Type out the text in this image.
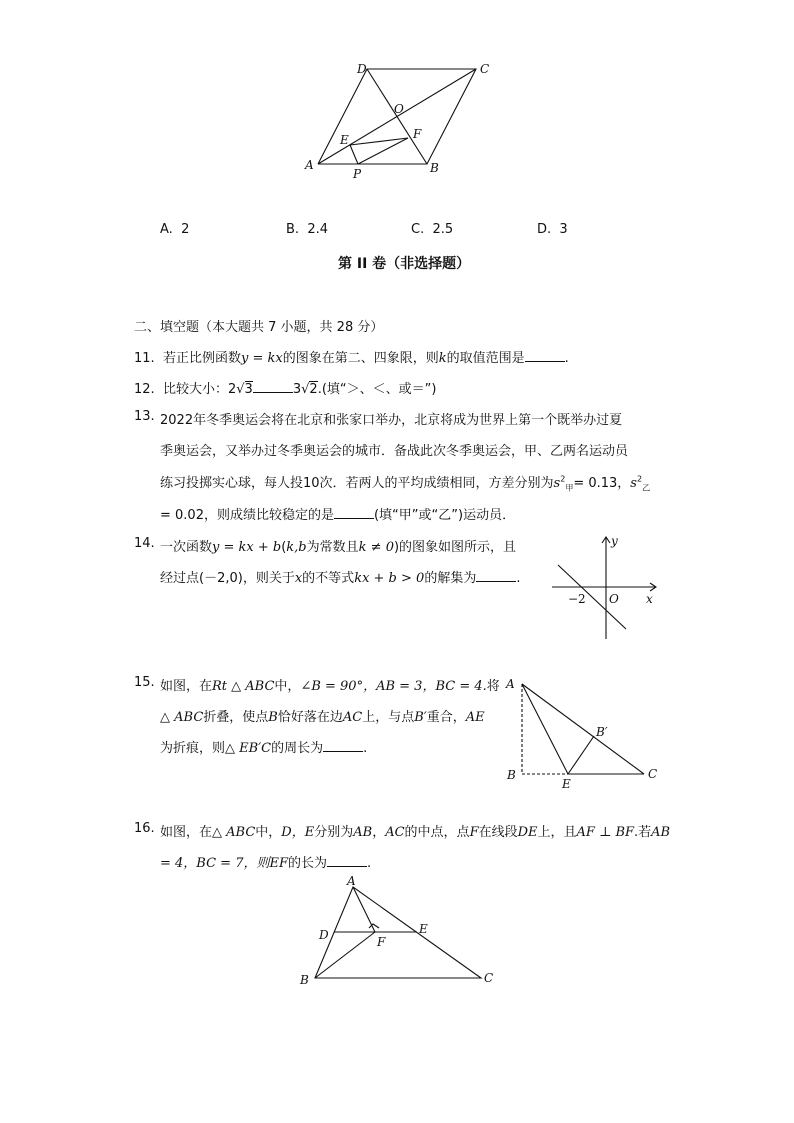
D	C
O
E	F
A
P	B
A. 2	B. 2.4	C. 2.5	D. 3
第 II 卷（非选择题）
二、填空题（本大题共 7 小题，共 28 分）
11. 若正比例函数y = kx的图象在第二、四象限，则k的取值范围是	.
12. 比较大小：2√3	3√2.(填“＞、＜、或＝”)
13. 2022年冬季奥运会将在北京和张家口举办，北京将成为世界上第一个既举办过夏
季奥运会，又举办过冬季奥运会的城市．备战此次冬季奥运会，甲、乙两名运动员
练习投掷实心球，每人投10次．若两人的平均成绩相同，方差分别为$s^2_甲= 0.13$，$s^2_乙$
= 0.02，则成绩比较稳定的是	(填“甲”或“乙”)运动员．
14. 一次函数y = kx + b(k,b为常数且k ≠ 0)的图象如图所示，且
经过点(－2,0)，则关于x的不等式kx + b > 0的解集为	.
y
x
O
−2
15. 如图，在Rt △ ABC中，∠B = 90°，AB = 3，BC = 4.将
△ ABC折叠，使点B恰好落在边AC上，与点B′重合，AE
为折痕，则△ EB′C的周长为	.
A
B	C
E
B′
16. 如图，在△ ABC中，D，E分别为AB，AC的中点，点F在线段DE上，且AF ⊥ BF.若AB
= 4，BC = 7，则EF的长为	.
A
D	F
E
B	C
